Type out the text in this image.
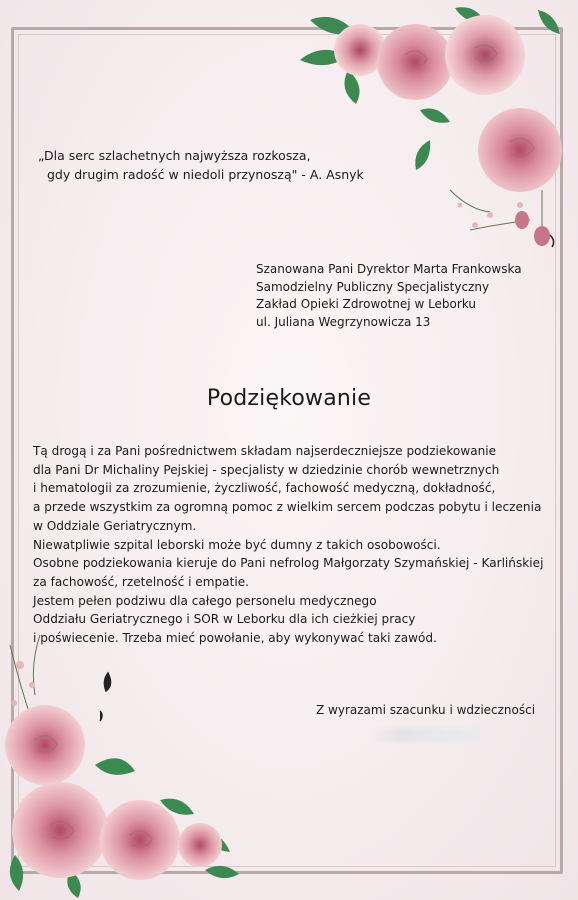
„Dla serc szlachetnych najwyższa rozkosza,
gdy drugim radość w niedoli przynoszą" - A. Asnyk
Szanowana Pani Dyrektor Marta Frankowska
Samodzielny Publiczny Specjalistyczny
Zakład Opieki Zdrowotnej w Leborku
ul. Juliana Wegrzynowicza 13
Podziękowanie
Tą drogą i za Pani pośrednictwem składam najserdeczniejsze podziekowanie
dla Pani Dr Michaliny Pejskiej - specjalisty w dziedzinie chorób wewnetrznych
i hematologii za zrozumienie, życzliwość, fachowość medyczną, dokładność,
a przede wszystkim za ogromną pomoc z wielkim sercem podczas pobytu i leczenia
w Oddziale Geriatrycznym.
Niewatpliwie szpital leborski może być dumny z takich osobowości.
Osobne podziekowania kieruje do Pani nefrolog Małgorzaty Szymańskiej - Karlińskiej
za fachowość, rzetelność i empatie.
Jestem pełen podziwu dla całego personelu medycznego
Oddziału Geriatrycznego i SOR w Leborku dla ich cieżkiej pracy
i poświecenie. Trzeba mieć powołanie, aby wykonywać taki zawód.
Z wyrazami szacunku i wdzieczności
